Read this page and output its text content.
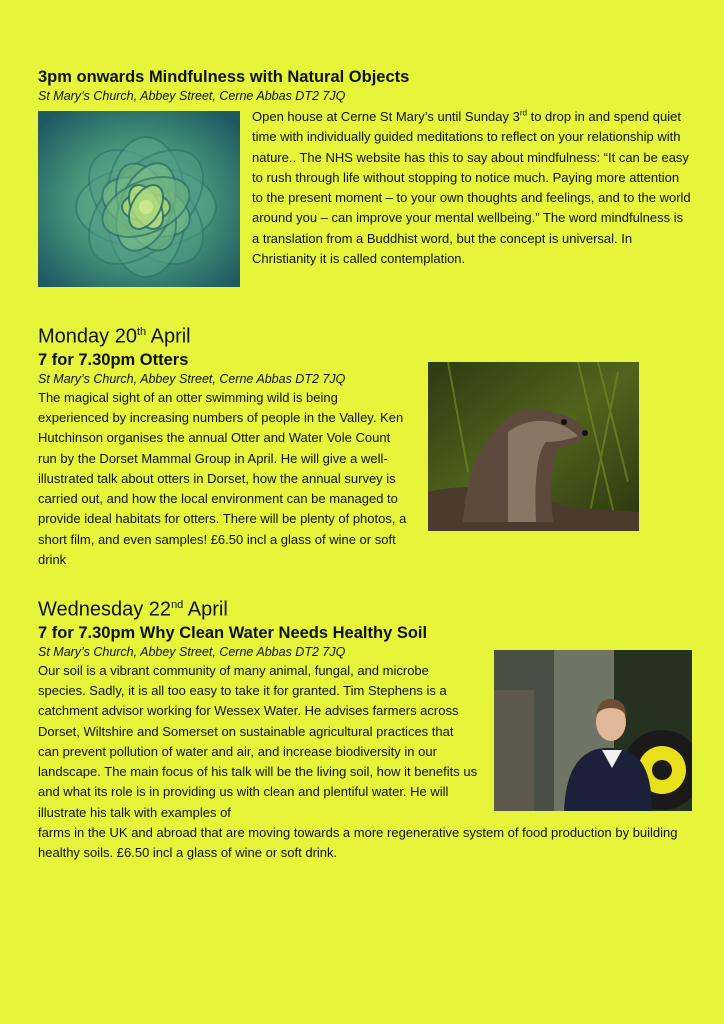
3pm onwards Mindfulness with Natural Objects

St Mary’s Church, Abbey Street, Cerne Abbas DT2 7JQ

Open house at Cerne St Mary’s until Sunday 3rd to drop in and spend quiet time with individually guided meditations to reflect on your relationship with nature.. The NHS website has this to say about mindfulness: “It can be easy to rush through life without stopping to notice much. Paying more attention to the present moment – to your own thoughts and feelings, and to the world around you – can improve your mental wellbeing.” The word mindfulness is a translation from a Buddhist word, but the concept is universal. In Christianity it is called contemplation.

Monday 20th April
7 for 7.30pm Otters

St Mary’s Church, Abbey Street, Cerne Abbas DT2 7JQ

The magical sight of an otter swimming wild is being experienced by increasing numbers of people in the Valley. Ken Hutchinson organises the annual Otter and Water Vole Count run by the Dorset Mammal Group in April. He will give a well-illustrated talk about otters in Dorset, how the annual survey is carried out, and how the local environment can be managed to provide ideal habitats for otters. There will be plenty of photos, a short film, and even samples! £6.50 incl a glass of wine or soft drink

Wednesday 22nd April
7 for 7.30pm Why Clean Water Needs Healthy Soil

St Mary’s Church, Abbey Street, Cerne Abbas DT2 7JQ

Our soil is a vibrant community of many animal, fungal, and microbe species. Sadly, it is all too easy to take it for granted. Tim Stephens is a catchment advisor working for Wessex Water. He advises farmers across Dorset, Wiltshire and Somerset on sustainable agricultural practices that can prevent pollution of water and air, and increase biodiversity in our landscape. The main focus of his talk will be the living soil, how it benefits us and what its role is in providing us with clean and plentiful water. He will illustrate his talk with examples of

farms in the UK and abroad that are moving towards a more regenerative system of food production by building healthy soils. £6.50 incl a glass of wine or soft drink.
